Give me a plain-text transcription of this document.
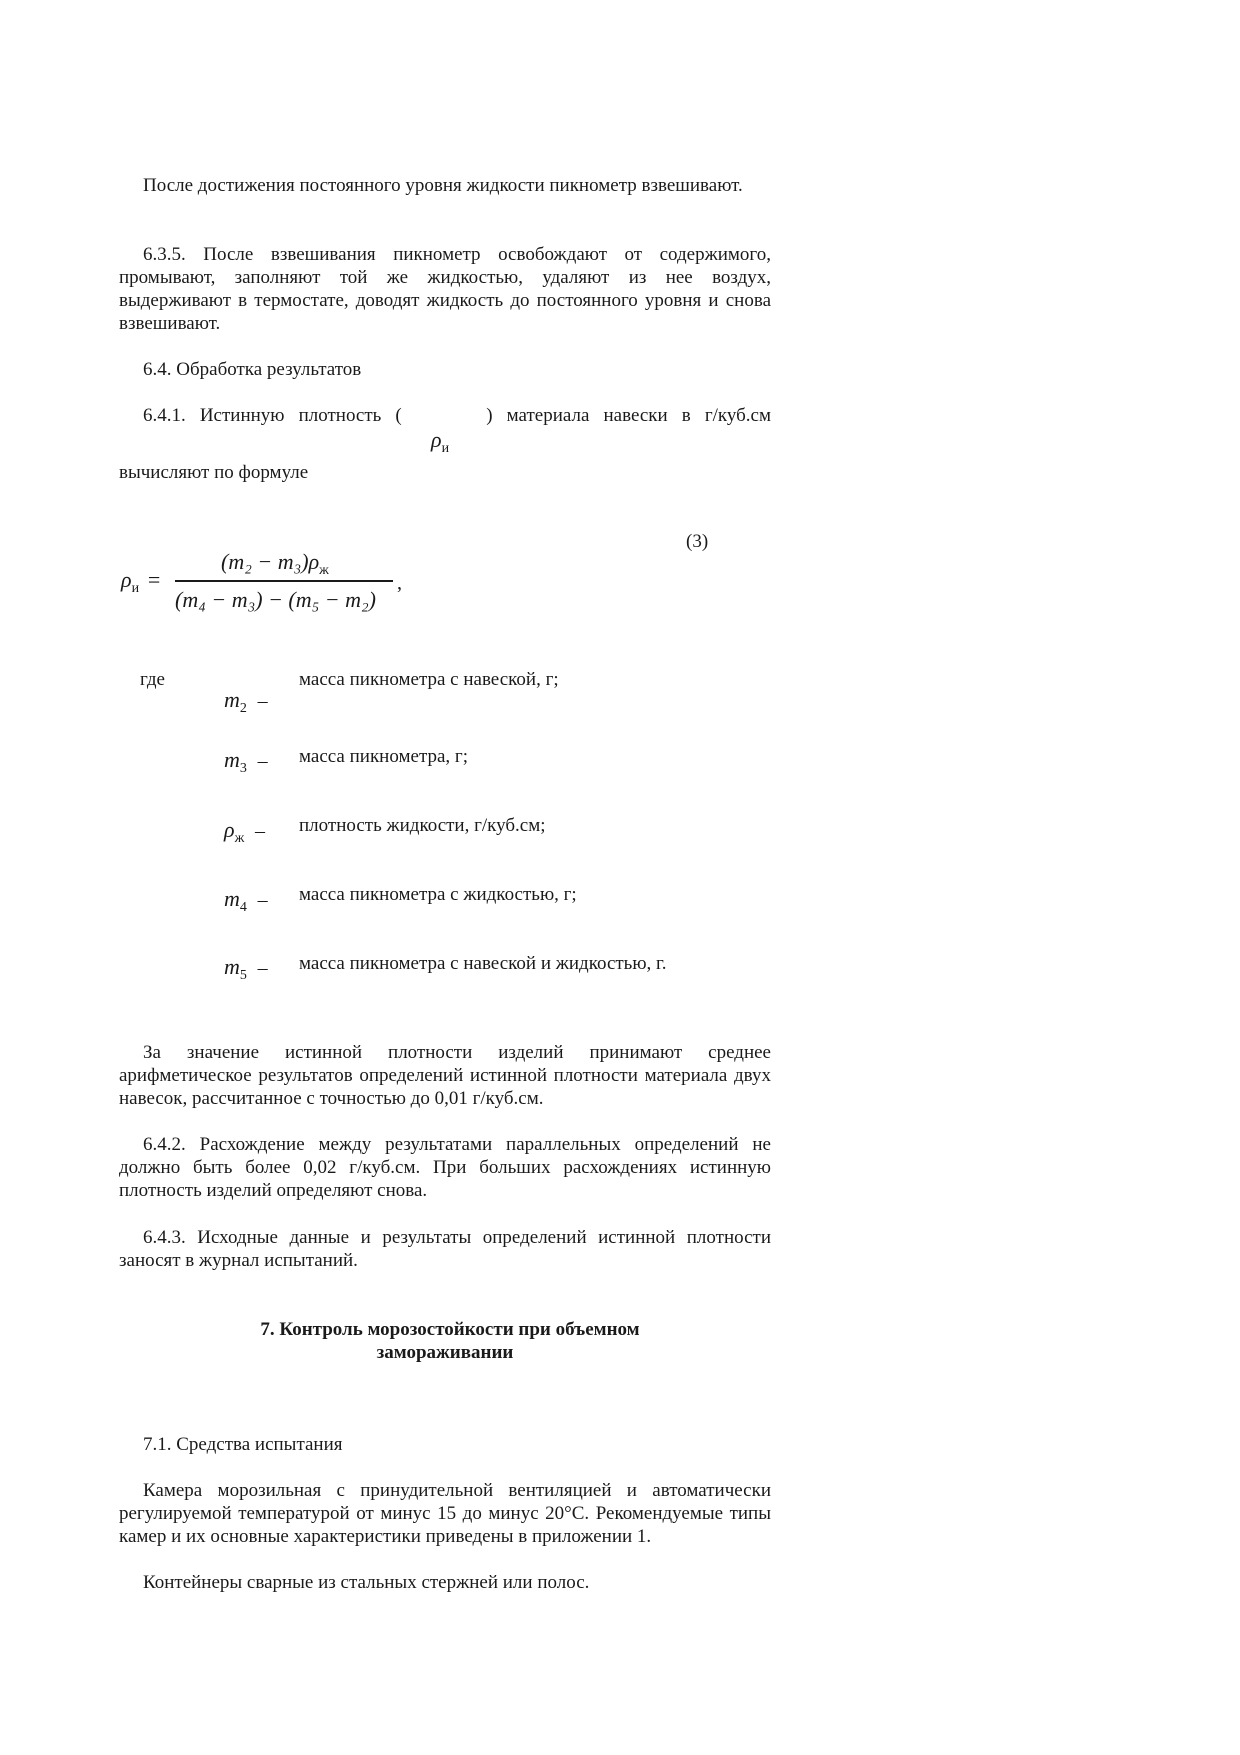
После достижения постоянного уровня жидкости пикнометр взвешивают.

6.3.5. После взвешивания пикнометр освобождают от содержимого, промывают, заполняют той же жидкостью, удаляют из нее воздух, выдерживают в термостате, доводят жидкость до постоянного уровня и снова взвешивают.

6.4. Обработка результатов

6.4.1. Истинную плотность (	) материала навески в г/куб.см

$\rho_и$

вычисляют по формуле

(3)
$\rho_и$ =
$(m_2 - m_3)\rho_ж$
(m₄ − m₃) − (m₅ − m₂)
,
где
$m_2$ –
масса пикнометра с навеской, г;
$m_3$ – масса пикнометра, г;
$\rho_ж$ – плотность жидкости, г/куб.см;
$m_4$ – масса пикнометра с жидкостью, г;
$m_5$ – масса пикнометра с навеской и жидкостью, г.

За значение истинной плотности изделий принимают среднее арифметическое результатов определений истинной плотности материала двух навесок, рассчитанное с точностью до 0,01 г/куб.см.

6.4.2. Расхождение между результатами параллельных определений не должно быть более 0,02 г/куб.см. При больших расхождениях истинную плотность изделий определяют снова.

6.4.3. Исходные данные и результаты определений истинной плотности заносят в журнал испытаний.

7. Контроль морозостойкости при объемном
замораживании

7.1. Средства испытания

Камера морозильная с принудительной вентиляцией и автоматически регулируемой температурой от минус 15 до минус 20°С. Рекомендуемые типы камер и их основные характеристики приведены в приложении 1.

Контейнеры сварные из стальных стержней или полос.
